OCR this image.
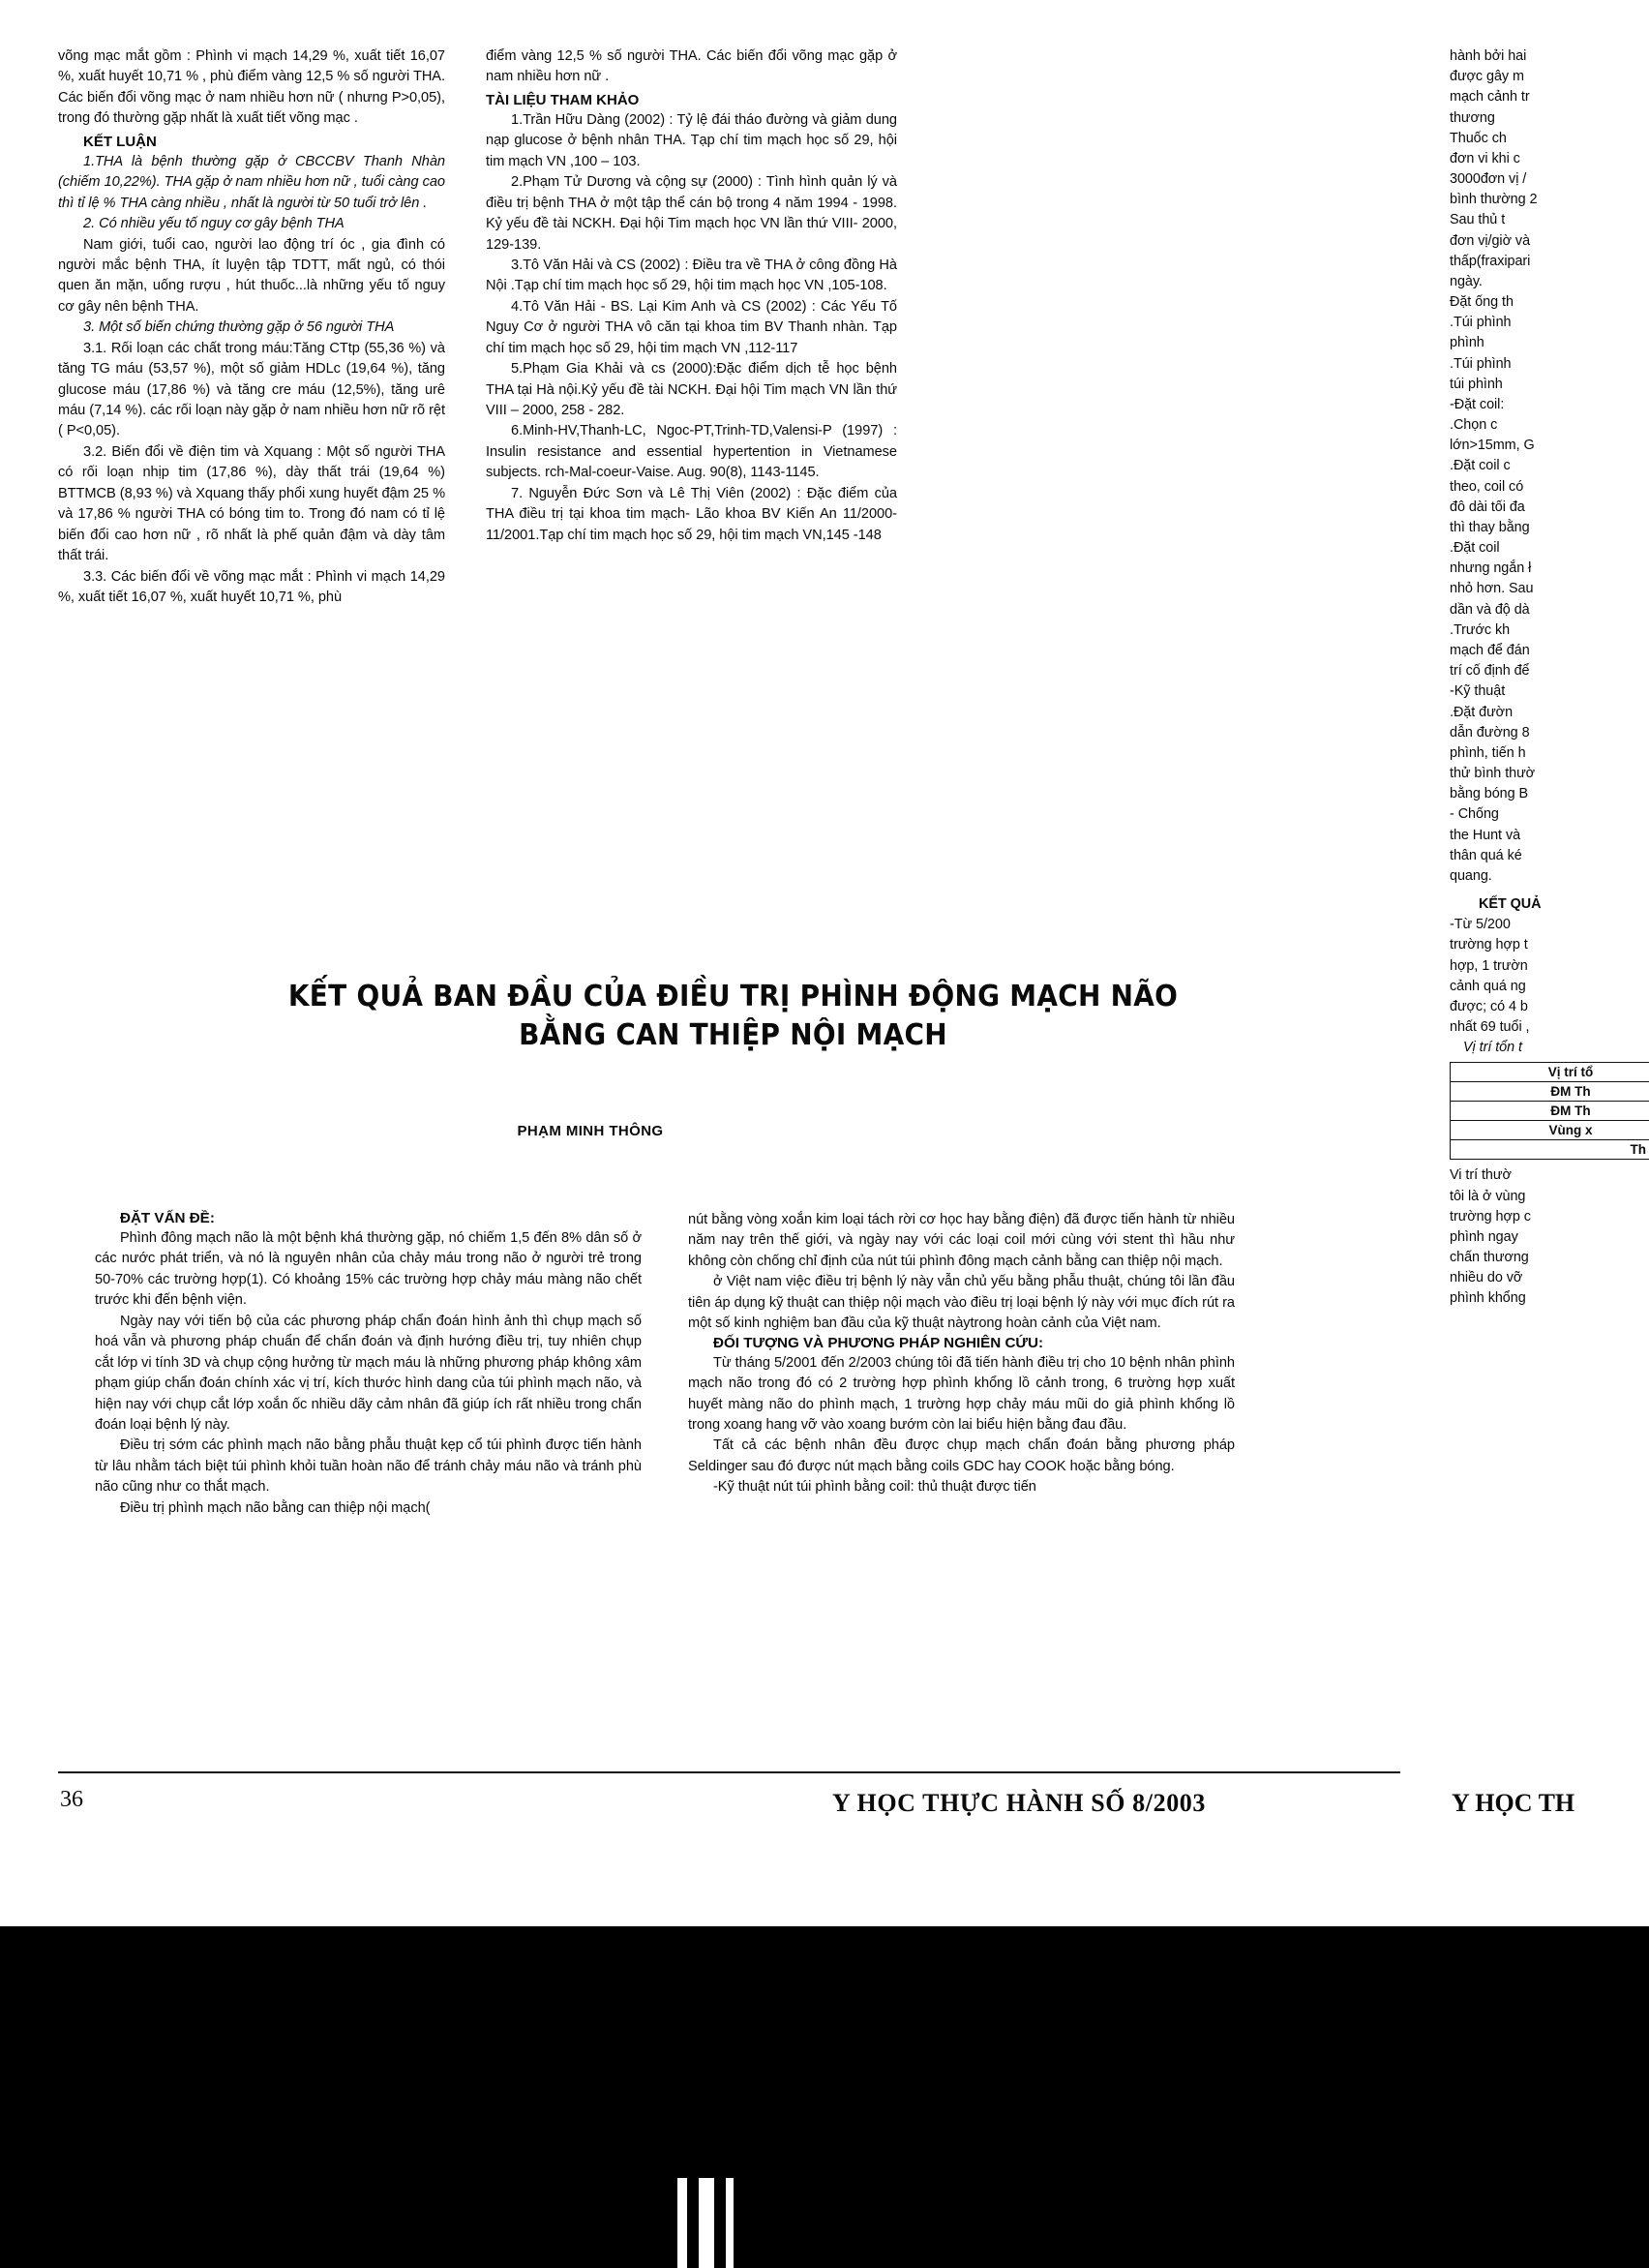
võng mạc mắt gồm : Phình vi mạch 14,29 %, xuất tiết 16,07 %, xuất huyết 10,71 % , phù điểm vàng 12,5 % số người THA. Các biến đổi võng mạc ở nam nhiều hơn nữ ( nhưng P>0,05), trong đó thường gặp nhất là xuất tiết võng mạc .

KẾT LUẬN

1.THA là bệnh thường gặp ở CBCCBV Thanh Nhàn (chiếm 10,22%). THA gặp ở nam nhiều hơn nữ , tuổi càng cao thì tỉ lệ % THA càng nhiều , nhất là người từ 50 tuổi trở lên .

2. Có nhiều yếu tố nguy cơ gây bệnh THA

Nam giới, tuổi cao, người lao động trí óc , gia đình có người mắc bệnh THA, ít luyện tập TDTT, mất ngủ, có thói quen ăn mặn, uống rượu , hút thuốc...là những yếu tố nguy cơ gây nên bệnh THA.

3. Một số biến chứng thường gặp ở 56 người THA

3.1. Rối loạn các chất trong máu:Tăng CTtp (55,36 %) và tăng TG máu (53,57 %), một số giảm HDLc (19,64 %), tăng glucose máu (17,86 %) và tăng cre máu (12,5%), tăng urê máu (7,14 %). các rối loạn này gặp ở nam nhiều hơn nữ rõ rệt ( P<0,05).

3.2. Biến đổi về điện tim và Xquang : Một số người THA có rối loạn nhịp tim (17,86 %), dày thất trái (19,64 %) BTTMCB (8,93 %) và Xquang thấy phổi xung huyết đậm 25 % và 17,86 % người THA có bóng tim to. Trong đó nam có tỉ lệ biến đổi cao hơn nữ , rõ nhất là phế quản đậm và dày tâm thất trái.

3.3. Các biến đổi về võng mạc mắt : Phình vi mạch 14,29 %, xuất tiết 16,07 %, xuất huyết 10,71 %, phù

điểm vàng 12,5 % số người THA. Các biến đổi võng mạc gặp ở nam nhiều hơn nữ .

TÀI LIỆU THAM KHẢO

1.Trần Hữu Dàng (2002) : Tỷ lệ đái tháo đường và giảm dung nạp glucose ở bệnh nhân THA. Tạp chí tim mạch học số 29, hội tim mạch VN ,100 – 103.

2.Phạm Tử Dương và cộng sự (2000) : Tình hình quản lý và điều trị bệnh THA ở một tập thể cán bộ trong 4 năm 1994 - 1998. Kỷ yếu đề tài NCKH. Đại hội Tim mạch học VN lần thứ VIII- 2000, 129-139.

3.Tô Văn Hải và CS (2002) : Điều tra về THA ở công đồng Hà Nội .Tạp chí tim mạch học số 29, hội tim mạch học VN ,105-108.

4.Tô Văn Hải - BS. Lại Kim Anh và CS (2002) : Các Yếu Tố Nguy Cơ ở người THA vô căn tại khoa tim BV Thanh nhàn. Tạp chí tim mạch học số 29, hội tim mạch VN ,112-117

5.Phạm Gia Khải và cs (2000):Đặc điểm dịch tễ học bệnh THA tại Hà nội.Kỷ yếu đề tài NCKH. Đại hội Tim mạch VN lần thứ VIII – 2000, 258 - 282.

6.Minh-HV,Thanh-LC, Ngoc-PT,Trinh-TD,Valensi-P (1997) : Insulin resistance and essential hypertention in Vietnamese subjects. rch-Mal-coeur-Vaise. Aug. 90(8), 1143-1145.

7. Nguyễn Đức Sơn và Lê Thị Viên (2002) : Đặc điểm của THA điều trị tại khoa tim mạch- Lão khoa BV Kiến An 11/2000- 11/2001.Tạp chí tim mạch học số 29, hội tim mạch VN,145 -148

hành bởi hai

được gây m

mạch cảnh tr

thương

Thuốc ch

đơn vi khi c

3000đơn vị /

bình thường 2

Sau thủ t

đơn vị/giờ và

thấp(fraxipari

ngày.

Đặt ống th

.Túi phình

phình

.Túi phình

túi phình

-Đặt coil:

.Chọn c

lớn>15mm, G

.Đặt coil c

theo, coil có

đô dài tối đa

thì thay bằng

.Đặt coil

nhưng ngắn ł

nhỏ hơn. Sau

dần và độ dà

.Trước kh

mạch để đán

trí cố định để

-Kỹ thuật

.Đặt đườn

dẫn đường 8

phình, tiến h

thử bình thườ

bằng bóng B

- Chống

the Hunt và

thân quá ké

quang.

KẾT QUẢ

-Từ 5/200

trường hợp t

hợp, 1 trườn

cảnh quá ng

được; có 4 b

nhất 69 tuổi ,

Vị trí tổn t

Vị trí tổ
ĐM Th
ĐM Th
Vùng x
Th

Vi trí thườ

tôi là ở vùng

trường hợp c

phình ngay

chấn thương

nhiều do vỡ

phình khổng

KẾT QUẢ BAN ĐẦU CỦA ĐIỀU TRỊ PHÌNH ĐỘNG MẠCH NÃO
BẰNG CAN THIỆP NỘI MẠCH
PHẠM MINH THÔNG
ĐẶT VẤN ĐỀ:

Phình đông mạch não là một bệnh khá thường gặp, nó chiếm 1,5 đến 8% dân số ở các nước phát triển, và nó là nguyên nhân của chảy máu trong não ở người trẻ trong 50-70% các trường hợp(1). Có khoảng 15% các trường hợp chảy máu màng não chết trước khi đến bệnh viện.

Ngày nay với tiến bộ của các phương pháp chẩn đoán hình ảnh thì chụp mạch số hoá vẫn và phương pháp chuẩn để chẩn đoán và định hướng điều trị, tuy nhiên chụp cắt lớp vi tính 3D và chụp cộng hưởng từ mạch máu là những phương pháp không xâm phạm giúp chẩn đoán chính xác vị trí, kích thước hình dang của túi phình mạch não, và hiện nay với chụp cắt lớp xoắn ốc nhiều dãy cảm nhân đã giúp ích rất nhiều trong chẩn đoán loại bệnh lý này.

Điều trị sớm các phình mạch não bằng phẫu thuật kẹp cổ túi phình được tiến hành từ lâu nhằm tách biệt túi phình khỏi tuần hoàn não để tránh chảy máu não và tránh phù não cũng như co thắt mạch.

Điều trị phình mạch não bằng can thiệp nội mạch(

nút bằng vòng xoắn kim loại tách rời cơ học hay bằng điện) đã được tiến hành từ nhiều năm nay trên thế giới, và ngày nay với các loại coil mới cùng với stent thì hầu như không còn chống chỉ định của nút túi phình đông mạch cảnh bằng can thiệp nội mạch.

ở Việt nam việc điều trị bệnh lý này vẫn chủ yếu bằng phẫu thuật, chúng tôi lần đầu tiên áp dụng kỹ thuật can thiệp nội mạch vào điều trị loại bệnh lý này với mục đích rút ra một số kinh nghiệm ban đầu của kỹ thuật nàytrong hoàn cảnh của Việt nam.

ĐỐI TƯỢNG VÀ PHƯƠNG PHÁP NGHIÊN CỨU:

Từ tháng 5/2001 đến 2/2003 chúng tôi đã tiến hành điều trị cho 10 bệnh nhân phình mạch não trong đó có 2 trường hợp phình khổng lồ cảnh trong, 6 trường hợp xuất huyết màng não do phình mạch, 1 trường hợp chảy máu mũi do giả phình khổng lồ trong xoang hang vỡ vào xoang bướm còn lai biểu hiện bằng đau đầu.

Tất cả các bệnh nhân đều được chụp mạch chẩn đoán bằng phương pháp Seldinger sau đó được nút mạch bằng coils GDC hay COOK hoặc bằng bóng.

-Kỹ thuật nút túi phình bằng coil: thủ thuật được tiến

36	Y HỌC THỰC HÀNH SỐ 8/2003	Y HỌC TH
